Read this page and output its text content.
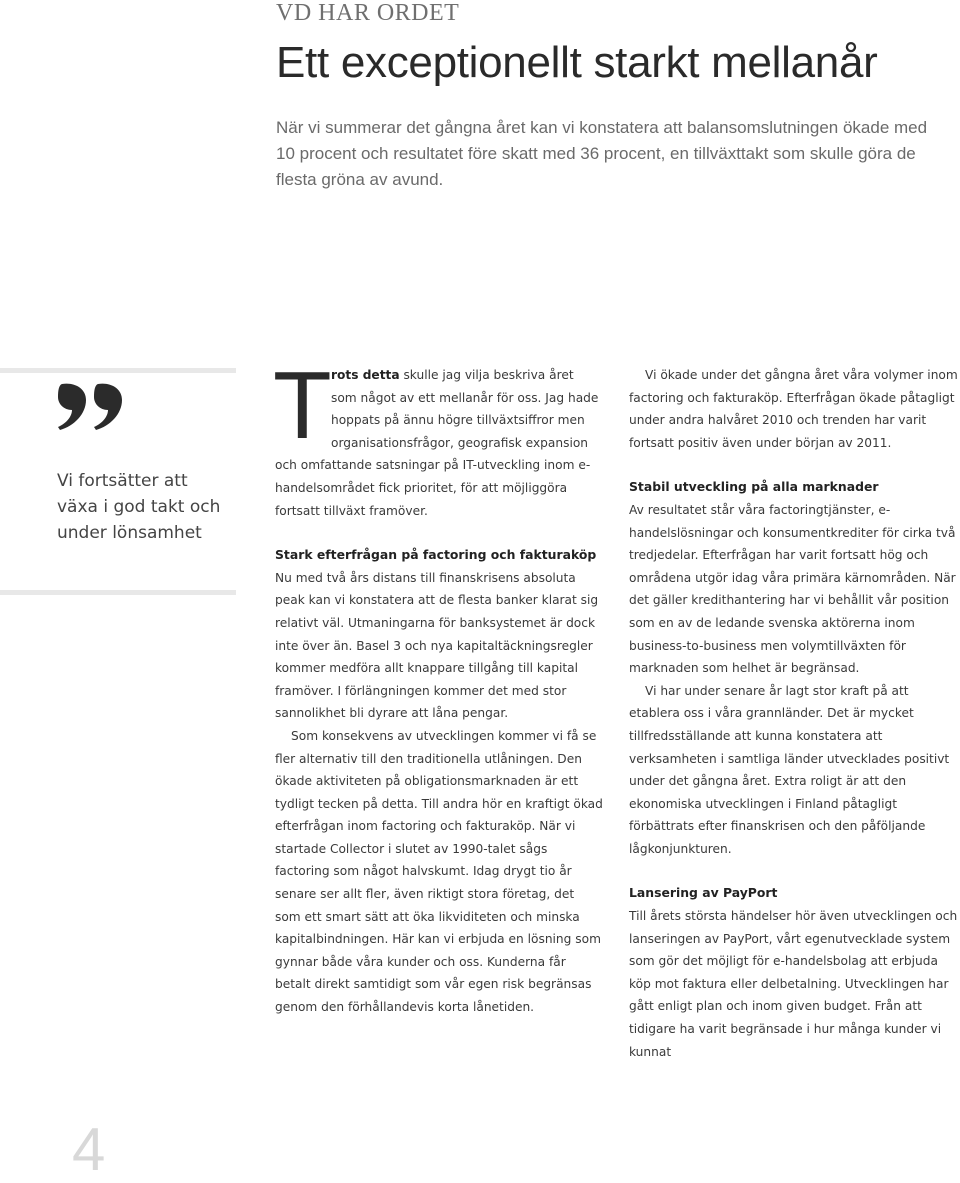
VD HAR ORDET

Ett exceptionellt starkt mellanår

När vi summerar det gångna året kan vi konstatera att balansomslutningen ökade med 10 procent och resultatet före skatt med 36 procent, en tillväxttakt som skulle göra de flesta gröna av avund.

Vi fortsätter att växa i god takt och under lönsamhet

T rots detta skulle jag vilja beskriva året som något av ett mellanår för oss. Jag hade hoppats på ännu högre tillväxtsiffror men organisationsfrågor, geografisk expansion och omfattande satsningar på IT-utveckling inom e-handelsområdet fick prioritet, för att möjliggöra fortsatt tillväxt framöver.

Stark efterfrågan på factoring och fakturaköp

Nu med två års distans till finanskrisens absoluta peak kan vi konstatera att de flesta banker klarat sig relativt väl. Utmaningarna för banksystemet är dock inte över än. Basel 3 och nya kapitaltäckningsregler kommer medföra allt knappare tillgång till kapital framöver. I förlängningen kommer det med stor sannolikhet bli dyrare att låna pengar.

Som konsekvens av utvecklingen kommer vi få se fler alternativ till den traditionella utlåningen. Den ökade aktiviteten på obligationsmarknaden är ett tydligt tecken på detta. Till andra hör en kraftigt ökad efterfrågan inom factoring och fakturaköp. När vi startade Collector i slutet av 1990-talet sågs factoring som något halvskumt. Idag drygt tio år senare ser allt fler, även riktigt stora företag, det som ett smart sätt att öka likviditeten och minska kapitalbindningen. Här kan vi erbjuda en lösning som gynnar både våra kunder och oss. Kunderna får betalt direkt samtidigt som vår egen risk begränsas genom den förhållandevis korta lånetiden.

Vi ökade under det gångna året våra volymer inom factoring och fakturaköp. Efterfrågan ökade påtagligt under andra halvåret 2010 och trenden har varit fortsatt positiv även under början av 2011.

Stabil utveckling på alla marknader

Av resultatet står våra factoringtjänster, e-handelslösningar och konsumentkrediter för cirka två tredjedelar. Efterfrågan har varit fortsatt hög och områdena utgör idag våra primära kärnområden. När det gäller kredithantering har vi behållit vår position som en av de ledande svenska aktörerna inom business-to-business men volymtillväxten för marknaden som helhet är begränsad.

Vi har under senare år lagt stor kraft på att etablera oss i våra grannländer. Det är mycket tillfredsställande att kunna konstatera att verksamheten i samtliga länder utvecklades positivt under det gångna året. Extra roligt är att den ekonomiska utvecklingen i Finland påtagligt förbättrats efter finanskrisen och den påföljande lågkonjunkturen.

Lansering av PayPort

Till årets största händelser hör även utvecklingen och lanseringen av PayPort, vårt egenutvecklade system som gör det möjligt för e-handelsbolag att erbjuda köp mot faktura eller delbetalning. Utvecklingen har gått enligt plan och inom given budget. Från att tidigare ha varit begränsade i hur många kunder vi kunnat

4
